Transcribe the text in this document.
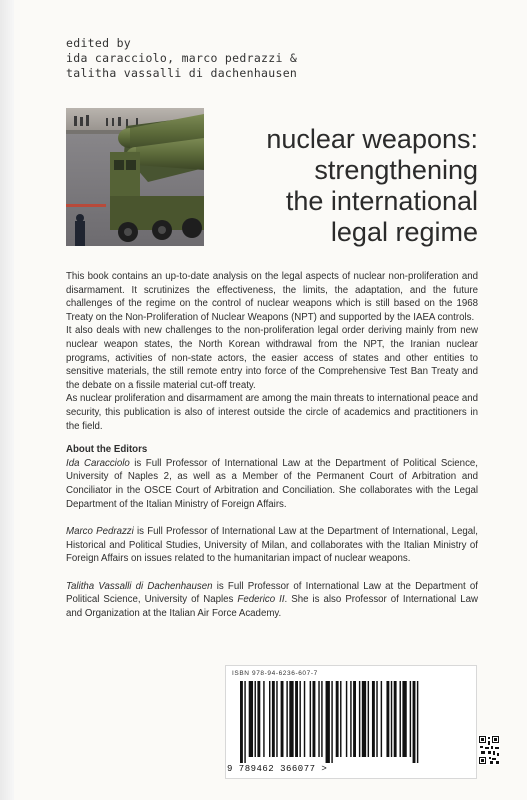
edited by
ida caracciolo, marco pedrazzi &
talitha vassalli di dachenhausen
nuclear weapons:
strengthening
the international
legal regime

This book contains an up-to-date analysis on the legal aspects of nuclear non-proliferation and disarmament. It scrutinizes the effectiveness, the limits, the adaptation, and the future challenges of the regime on the control of nuclear weapons which is still based on the 1968 Treaty on the Non-Proliferation of Nuclear Weapons (NPT) and supported by the IAEA controls.

It also deals with new challenges to the non-proliferation legal order deriving mainly from new nuclear weapon states, the North Korean withdrawal from the NPT, the Iranian nuclear programs, activities of non-state actors, the easier access of states and other entities to sensitive materials, the still remote entry into force of the Comprehensive Test Ban Treaty and the debate on a fissile material cut-off treaty.

As nuclear proliferation and disarmament are among the main threats to international peace and security, this publication is also of interest outside the circle of academics and practitioners in the field.

About the Editors

Ida Caracciolo is Full Professor of International Law at the Department of Political Science, University of Naples 2, as well as a Member of the Permanent Court of Arbitration and Conciliator in the OSCE Court of Arbitration and Conciliation. She collaborates with the Legal Department of the Italian Ministry of Foreign Affairs.

Marco Pedrazzi is Full Professor of International Law at the Department of International, Legal, Historical and Political Studies, University of Milan, and collaborates with the Italian Ministry of Foreign Affairs on issues related to the humanitarian impact of nuclear weapons.

Talitha Vassalli di Dachenhausen is Full Professor of International Law at the Department of Political Science, University of Naples Federico II. She is also Professor of International Law and Organization at the Italian Air Force Academy.

ISBN 978-94-6236-607-7
9 789462 366077 >
